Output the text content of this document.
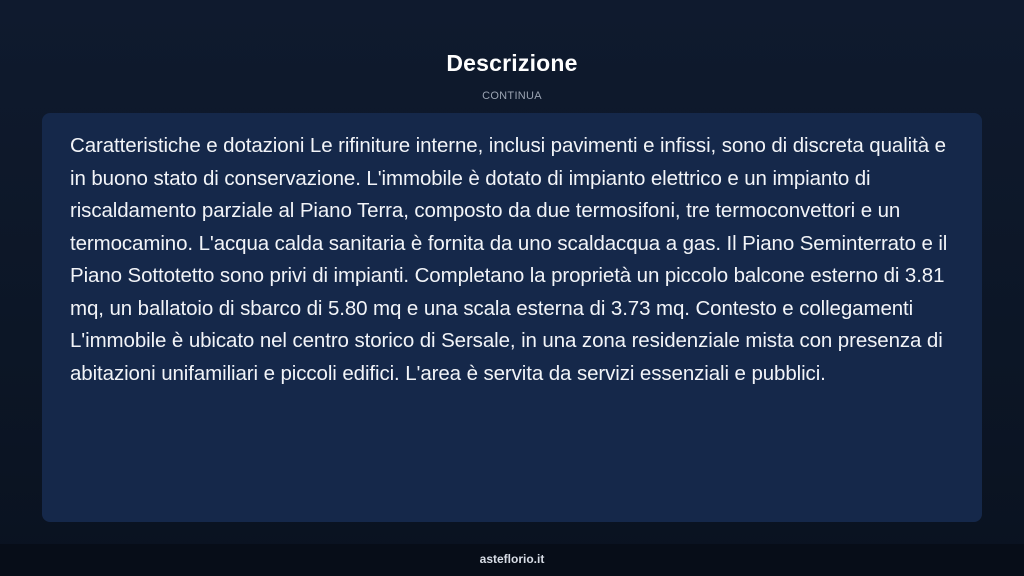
Descrizione
CONTINUA

Caratteristiche e dotazioni Le rifiniture interne, inclusi pavimenti e infissi, sono di discreta qualità e in buono stato di conservazione. L'immobile è dotato di impianto elettrico e un impianto di riscaldamento parziale al Piano Terra, composto da due termosifoni, tre termoconvettori e un termocamino. L'acqua calda sanitaria è fornita da uno scaldacqua a gas. Il Piano Seminterrato e il Piano Sottotetto sono privi di impianti. Completano la proprietà un piccolo balcone esterno di 3.81 mq, un ballatoio di sbarco di 5.80 mq e una scala esterna di 3.73 mq. Contesto e collegamenti L'immobile è ubicato nel centro storico di Sersale, in una zona residenziale mista con presenza di abitazioni unifamiliari e piccoli edifici. L'area è servita da servizi essenziali e pubblici.

asteflorio.it
